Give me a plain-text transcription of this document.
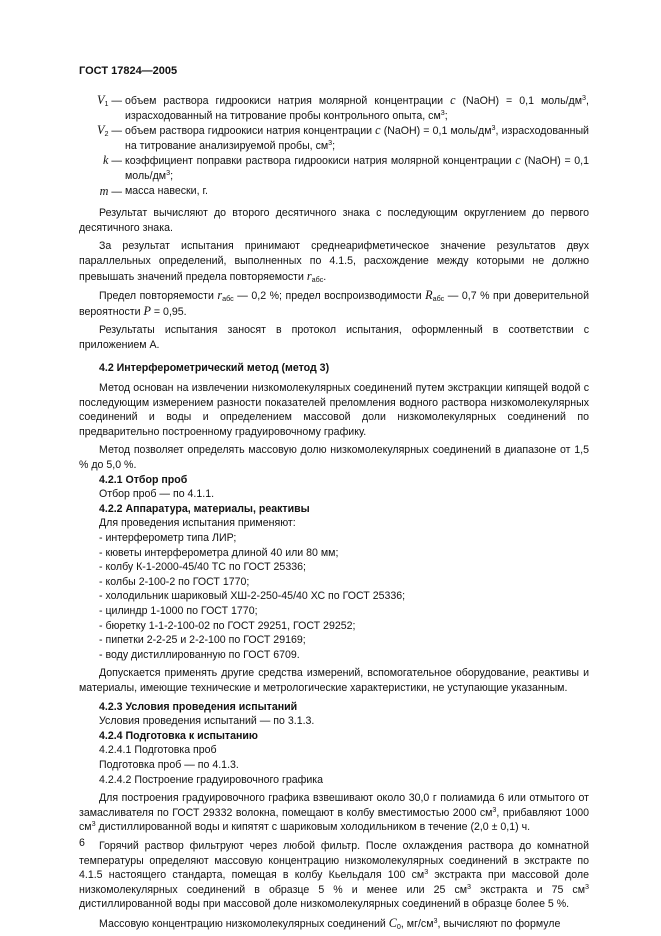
ГОСТ 17824—2005
$V_1$ — объем раствора гидроокиси натрия молярной концентрации c (NaOH) = 0,1 моль/$дм^3$, израсходованный на титрование пробы контрольного опыта, $см^3$;
$V_2$ — объем раствора гидроокиси натрия концентрации c (NaOH) = 0,1 моль/$дм^3$, израсходованный на титрование анализируемой пробы, $см^3$;
k — коэффициент поправки раствора гидроокиси натрия молярной концентрации c (NaOH) = 0,1 моль/$дм^3$;
m — масса навески, г.

Результат вычисляют до второго десятичного знака с последующим округлением до первого десятичного знака.

За результат испытания принимают среднеарифметическое значение результатов двух параллельных определений, выполненных по 4.1.5, расхождение между которыми не должно превышать значений предела повторяемости $r_{абс}$.

Предел повторяемости $r_{абс}$ — 0,2 %; предел воспроизводимости $R_{абс}$ — 0,7 % при доверительной вероятности P = 0,95.

Результаты испытания заносят в протокол испытания, оформленный в соответствии с приложением А.

4.2 Интерферометрический метод (метод 3)

Метод основан на извлечении низкомолекулярных соединений путем экстракции кипящей водой с последующим измерением разности показателей преломления водного раствора низкомолекулярных соединений и воды и определением массовой доли низкомолекулярных соединений по предварительно построенному градуировочному графику.

Метод позволяет определять массовую долю низкомолекулярных соединений в диапазоне от 1,5 % до 5,0 %.

4.2.1 Отбор проб

Отбор проб — по 4.1.1.

4.2.2 Аппаратура, материалы, реактивы

Для проведения испытания применяют:

- интерферометр типа ЛИР;

- кюветы интерферометра длиной 40 или 80 мм;

- колбу К-1-2000-45/40 ТС по ГОСТ 25336;

- колбы 2-100-2 по ГОСТ 1770;

- холодильник шариковый ХШ-2-250-45/40 ХС по ГОСТ 25336;

- цилиндр 1-1000 по ГОСТ 1770;

- бюретку 1-1-2-100-02 по ГОСТ 29251, ГОСТ 29252;

- пипетки 2-2-25 и 2-2-100 по ГОСТ 29169;

- воду дистиллированную по ГОСТ 6709.

Допускается применять другие средства измерений, вспомогательное оборудование, реактивы и материалы, имеющие технические и метрологические характеристики, не уступающие указанным.

4.2.3 Условия проведения испытаний

Условия проведения испытаний — по 3.1.3.

4.2.4 Подготовка к испытанию

4.2.4.1 Подготовка проб

Подготовка проб — по 4.1.3.

4.2.4.2 Построение градуировочного графика

Для построения градуировочного графика взвешивают около 30,0 г полиамида 6 или отмытого от замасливателя по ГОСТ 29332 волокна, помещают в колбу вместимостью 2000 $см^3$, прибавляют 1000 $см^3$ дистиллированной воды и кипятят с шариковым холодильником в течение (2,0 ± 0,1) ч.

Горячий раствор фильтруют через любой фильтр. После охлаждения раствора до комнатной температуры определяют массовую концентрацию низкомолекулярных соединений в экстракте по 4.1.5 настоящего стандарта, помещая в колбу Кьельдаля 100 $см^3$ экстракта при массовой доле низкомолекулярных соединений в образце 5 % и менее или 25 $см^3$ экстракта и 75 $см^3$ дистиллированной воды при массовой доле низкомолекулярных соединений в образце более 5 %.

Массовую концентрацию низкомолекулярных соединений $C_0$, $мг/см^3$, вычисляют по формуле

6
